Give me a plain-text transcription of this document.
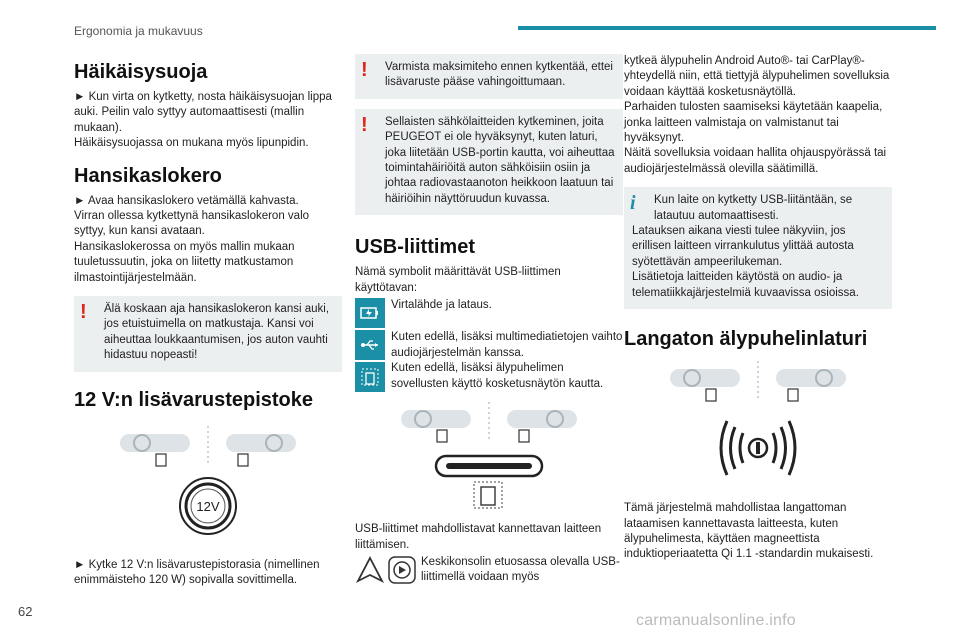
Ergonomia ja mukavuus
Häikäisysuoja

► Kun virta on kytketty, nosta häikäisysuojan lippa auki. Peilin valo syttyy automaattisesti (mallin mukaan).

Häikäisysuojassa on mukana myös lipunpidin.

Hansikaslokero

► Avaa hansikaslokero vetämällä kahvasta.

Virran ollessa kytkettynä hansikaslokeron valo syttyy, kun kansi avataan.

Hansikaslokerossa on myös mallin mukaan tuuletussuutin, joka on liitetty matkustamon ilmastointijärjestelmään.

!	Älä koskaan aja hansikaslokeron kansi auki, jos etuistuimella on matkustaja. Kansi voi aiheuttaa loukkaantumisen, jos auton vauhti hidastuu nopeasti!

12 V:n lisävarustepistoke
12V

► Kytke 12 V:n lisävarustepistorasia (nimellinen enimmäisteho 120 W) sopivalla sovittimella.

!	Varmista maksimiteho ennen kytkentää, ettei lisävaruste pääse vahingoittumaan.

!	Sellaisten sähkölaitteiden kytkeminen, joita PEUGEOT ei ole hyväksynyt, kuten laturi, joka liitetään USB-portin kautta, voi aiheuttaa toimintahäiriöitä auton sähköisiin osiin ja johtaa radiovastaanoton heikkoon laatuun tai häiriöihin näyttöruudun kuvassa.

USB-liittimet

Nämä symbolit määrittävät USB-liittimen käyttötavan:

Virtalähde ja lataus.

Kuten edellä, lisäksi multimediatietojen vaihto audiojärjestelmän kanssa.

Kuten edellä, lisäksi älypuhelimen sovellusten käyttö kosketusnäytön kautta.

USB-liittimet mahdollistavat kannettavan laitteen liittämisen.

Keskikonsolin etuosassa olevalla USB-liittimellä voidaan myös

kytkeä älypuhelin Android Auto®- tai CarPlay®-yhteydellä niin, että tiettyjä älypuhelimen sovelluksia voidaan käyttää kosketusnäytöllä.

Parhaiden tulosten saamiseksi käytetään kaapelia, jonka laitteen valmistaja on valmistanut tai hyväksynyt.

Näitä sovelluksia voidaan hallita ohjauspyörässä tai audiojärjestelmässä olevilla säätimillä.

i	Kun laite on kytketty USB-liitäntään, se latautuu automaattisesti.

Latauksen aikana viesti tulee näkyviin, jos erillisen laitteen virrankulutus ylittää autosta syötettävän ampeerilukeman.

Lisätietoja laitteiden käytöstä on audio- ja telematiikkajärjestelmiä kuvaavissa osioissa.

Langaton älypuhelinlaturi

Tämä järjestelmä mahdollistaa langattoman lataamisen kannettavasta laitteesta, kuten älypuhelimesta, käyttäen magneettista induktioperiaatetta Qi 1.1 -standardin mukaisesti.

62
carmanualsonline.info
